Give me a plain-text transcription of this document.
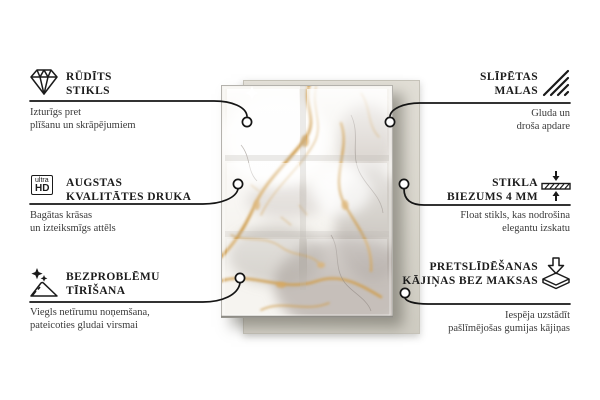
RŪDĪTS
STIKLS
Izturīgs pret
plīšanu un skrāpējumiem
ultra
HD AUGSTAS
KVALITĀTES DRUKA
Bagātas krāsas
un izteiksmīgs attēls
BEZPROBLĒMU
TĪRĪŠANA
Viegls netīrumu noņemšana,
pateicoties gludai virsmai
SLĪPĒTAS
MALAS
Gluda un
droša apdare
STIKLA
BIEZUMS 4 MM
Float stikls, kas nodrošina
elegantu izskatu
PRETSLĪDĒŠANAS
KĀJIŅAS BEZ MAKSAS
Iespēja uzstādīt
pašlīmējošas gumijas kājiņas
